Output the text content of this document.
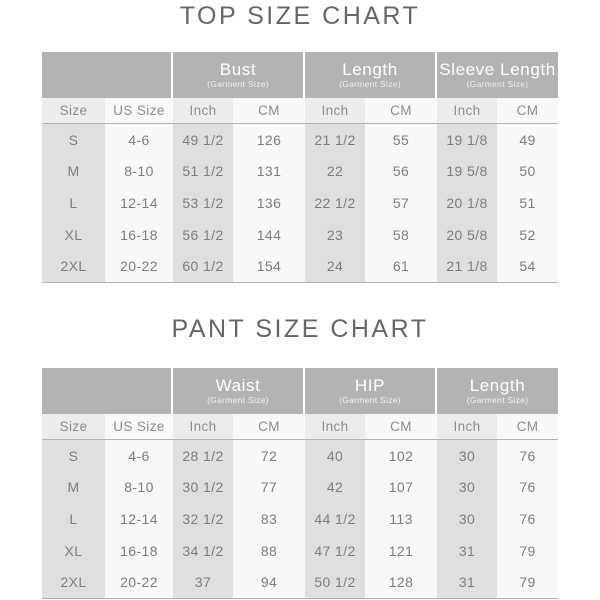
TOP SIZE CHART
Bust
(Garment Size)
Length
(Garment Size)
Sleeve Length
(Garment Size)
Size	US Size	Inch	CM	Inch	CM	Inch	CM
S	4-6	49 1/2	126	21 1/2	55	19 1/8	49
M	8-10	51 1/2	131	22	56	19 5/8	50
L	12-14	53 1/2	136	22 1/2	57	20 1/8	51
XL	16-18	56 1/2	144	23	58	20 5/8	52
2XL	20-22	60 1/2	154	24	61	21 1/8	54
PANT SIZE CHART
Waist
(Garment Size)
HIP
(Garment Size)
Length
(Garment Size)
Size	US Size	Inch	CM	Inch	CM	Inch	CM
S	4-6	28 1/2	72	40	102	30	76
M	8-10	30 1/2	77	42	107	30	76
L	12-14	32 1/2	83	44 1/2	113	30	76
XL	16-18	34 1/2	88	47 1/2	121	31	79
2XL	20-22	37	94	50 1/2	128	31	79
